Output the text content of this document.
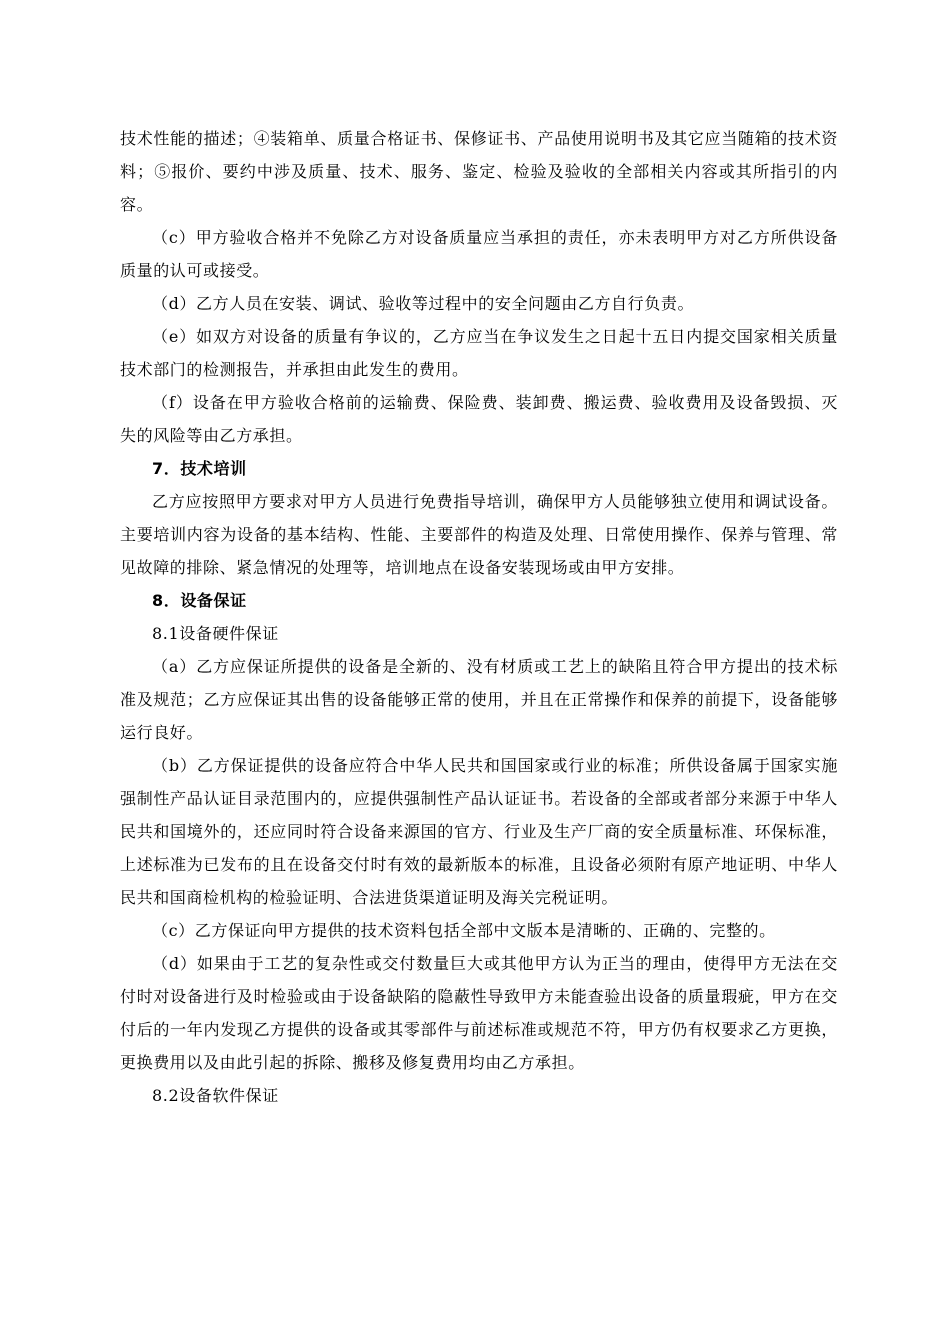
技术性能的描述；④装箱单、质量合格证书、保修证书、产品使用说明书及其它应当随箱的技术资料；⑤报价、要约中涉及质量、技术、服务、鉴定、检验及验收的全部相关内容或其所指引的内容。

（c）甲方验收合格并不免除乙方对设备质量应当承担的责任，亦未表明甲方对乙方所供设备质量的认可或接受。

（d）乙方人员在安装、调试、验收等过程中的安全问题由乙方自行负责。

（e）如双方对设备的质量有争议的，乙方应当在争议发生之日起十五日内提交国家相关质量技术部门的检测报告，并承担由此发生的费用。

（f）设备在甲方验收合格前的运输费、保险费、装卸费、搬运费、验收费用及设备毁损、灭失的风险等由乙方承担。

7．技术培训

乙方应按照甲方要求对甲方人员进行免费指导培训，确保甲方人员能够独立使用和调试设备。主要培训内容为设备的基本结构、性能、主要部件的构造及处理、日常使用操作、保养与管理、常见故障的排除、紧急情况的处理等，培训地点在设备安装现场或由甲方安排。

8．设备保证

8.1设备硬件保证

（a）乙方应保证所提供的设备是全新的、没有材质或工艺上的缺陷且符合甲方提出的技术标准及规范；乙方应保证其出售的设备能够正常的使用，并且在正常操作和保养的前提下，设备能够运行良好。

（b）乙方保证提供的设备应符合中华人民共和国国家或行业的标准；所供设备属于国家实施强制性产品认证目录范围内的，应提供强制性产品认证证书。若设备的全部或者部分来源于中华人民共和国境外的，还应同时符合设备来源国的官方、行业及生产厂商的安全质量标准、环保标准，上述标准为已发布的且在设备交付时有效的最新版本的标准，且设备必须附有原产地证明、中华人民共和国商检机构的检验证明、合法进货渠道证明及海关完税证明。

（c）乙方保证向甲方提供的技术资料包括全部中文版本是清晰的、正确的、完整的。

（d）如果由于工艺的复杂性或交付数量巨大或其他甲方认为正当的理由，使得甲方无法在交付时对设备进行及时检验或由于设备缺陷的隐蔽性导致甲方未能查验出设备的质量瑕疵，甲方在交付后的一年内发现乙方提供的设备或其零部件与前述标准或规范不符，甲方仍有权要求乙方更换，更换费用以及由此引起的拆除、搬移及修复费用均由乙方承担。

8.2设备软件保证
